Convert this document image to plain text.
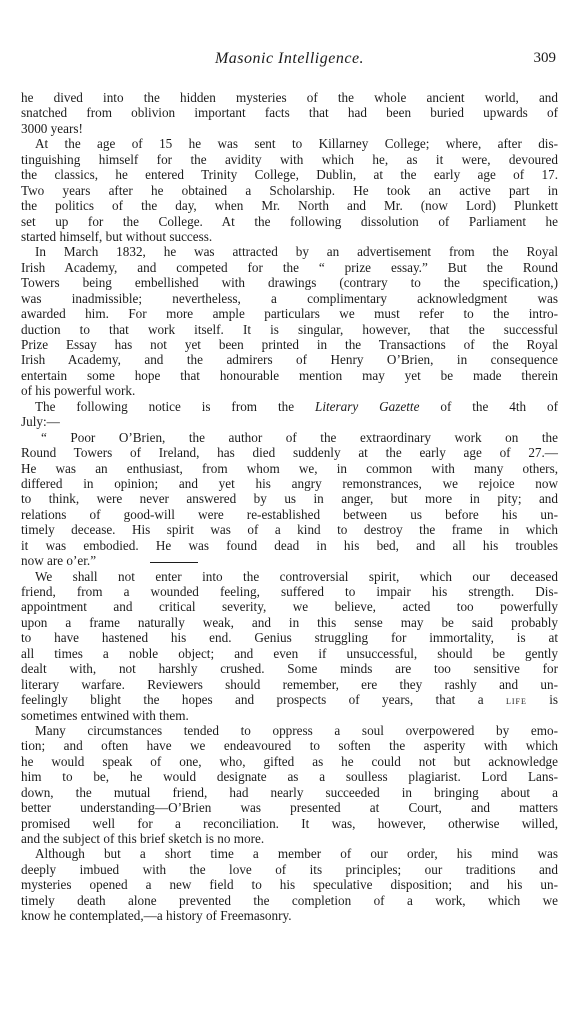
Masonic Intelligence.	309
he dived into the hidden mysteries of the whole ancient world, and
snatched from oblivion important facts that had been buried upwards of
3000 years!
At the age of 15 he was sent to Killarney College; where, after dis-
tinguishing himself for the avidity with which he, as it were, devoured
the classics, he entered Trinity College, Dublin, at the early age of 17.
Two years after he obtained a Scholarship. He took an active part in
the politics of the day, when Mr. North and Mr. (now Lord) Plunkett
set up for the College. At the following dissolution of Parliament he
started himself, but without success.
In March 1832, he was attracted by an advertisement from the Royal
Irish Academy, and competed for the “ prize essay.” But the Round
Towers being embellished with drawings (contrary to the specification,)
was inadmissible; nevertheless, a complimentary acknowledgment was
awarded him. For more ample particulars we must refer to the intro-
duction to that work itself. It is singular, however, that the successful
Prize Essay has not yet been printed in the Transactions of the Royal
Irish Academy, and the admirers of Henry O’Brien, in consequence
entertain some hope that honourable mention may yet be made therein
of his powerful work.
The following notice is from the Literary Gazette of the 4th of
July:—
“ Poor O’Brien, the author of the extraordinary work on the
Round Towers of Ireland, has died suddenly at the early age of 27.—
He was an enthusiast, from whom we, in common with many others,
differed in opinion; and yet his angry remonstrances, we rejoice now
to think, were never answered by us in anger, but more in pity; and
relations of good-will were re-established between us before his un-
timely decease. His spirit was of a kind to destroy the frame in which
it was embodied. He was found dead in his bed, and all his troubles
now are o’er.”
We shall not enter into the controversial spirit, which our deceased
friend, from a wounded feeling, suffered to impair his strength. Dis-
appointment and critical severity, we believe, acted too powerfully
upon a frame naturally weak, and in this sense may be said probably
to have hastened his end. Genius struggling for immortality, is at
all times a noble object; and even if unsuccessful, should be gently
dealt with, not harshly crushed. Some minds are too sensitive for
literary warfare. Reviewers should remember, ere they rashly and un-
feelingly blight the hopes and prospects of years, that a life is
sometimes entwined with them.
Many circumstances tended to oppress a soul overpowered by emo-
tion; and often have we endeavoured to soften the asperity with which
he would speak of one, who, gifted as he could not but acknowledge
him to be, he would designate as a soulless plagiarist. Lord Lans-
down, the mutual friend, had nearly succeeded in bringing about a
better understanding—O’Brien was presented at Court, and matters
promised well for a reconciliation. It was, however, otherwise willed,
and the subject of this brief sketch is no more.
Although but a short time a member of our order, his mind was
deeply imbued with the love of its principles; our traditions and
mysteries opened a new field to his speculative disposition; and his un-
timely death alone prevented the completion of a work, which we
know he contemplated,—a history of Freemasonry.
